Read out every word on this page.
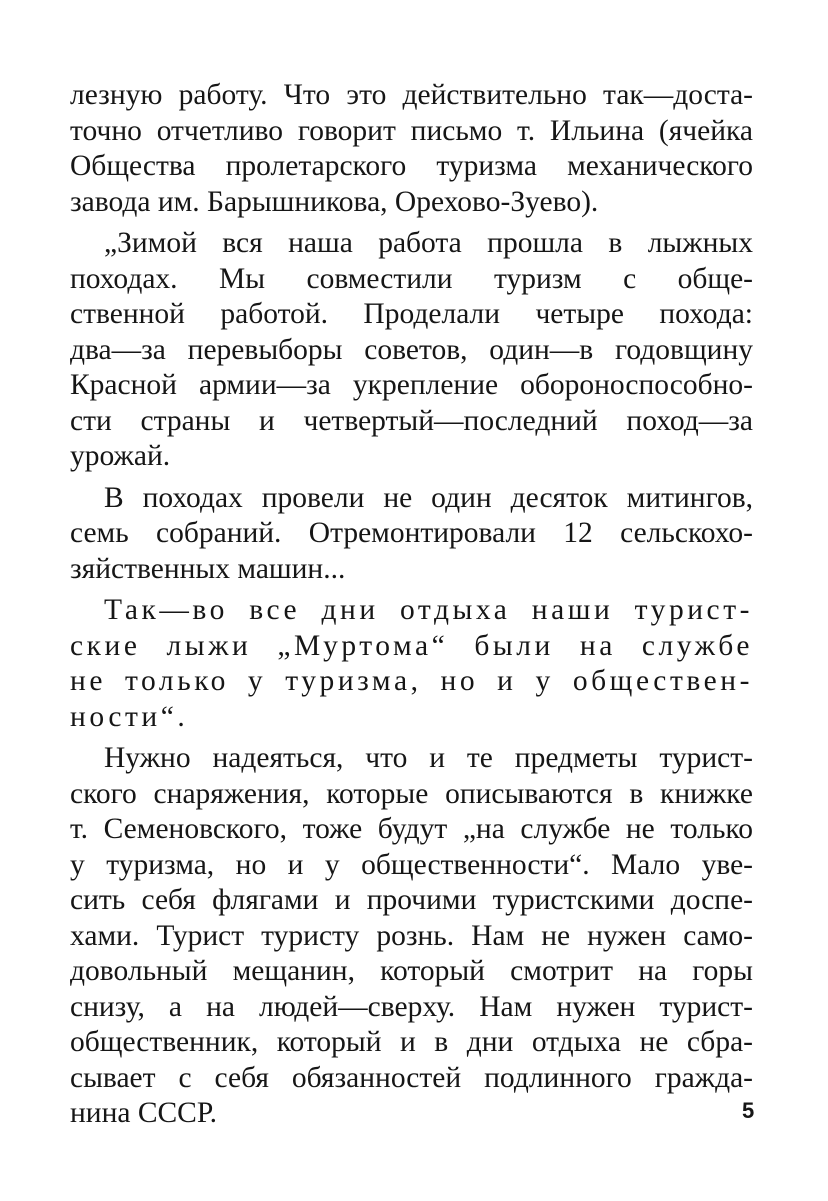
лезную работу. Что это действительно так—доста-
точно отчетливо говорит письмо т. Ильина (ячейка
Общества пролетарского туризма механического
завода им. Барышникова, Орехово-Зуево).
„Зимой вся наша работа прошла в лыжных
походах. Мы совместили туризм с обще-
ственной работой. Проделали четыре похода:
два—за перевыборы советов, один—в годовщину
Красной армии—за укрепление обороноспособно-
сти страны и четвертый—последний поход—за
урожай.
В походах провели не один десяток митингов,
семь собраний. Отремонтировали 12 сельскохо-
зяйственных машин...
Так—во все дни отдыха наши турист-
ские лыжи „Муртома“ были на службе
не только у туризма, но и у обществен-
ности“.
Нужно надеяться, что и те предметы турист-
ского снаряжения, которые описываются в книжке
т. Семеновского, тоже будут „на службе не только
у туризма, но и у общественности“. Мало уве-
сить себя флягами и прочими туристскими доспе-
хами. Турист туристу рознь. Нам не нужен само-
довольный мещанин, который смотрит на горы
снизу, а на людей—сверху. Нам нужен турист-
общественник, который и в дни отдыха не сбра-
сывает с себя обязанностей подлинного гражда-
нина СССР.	5
